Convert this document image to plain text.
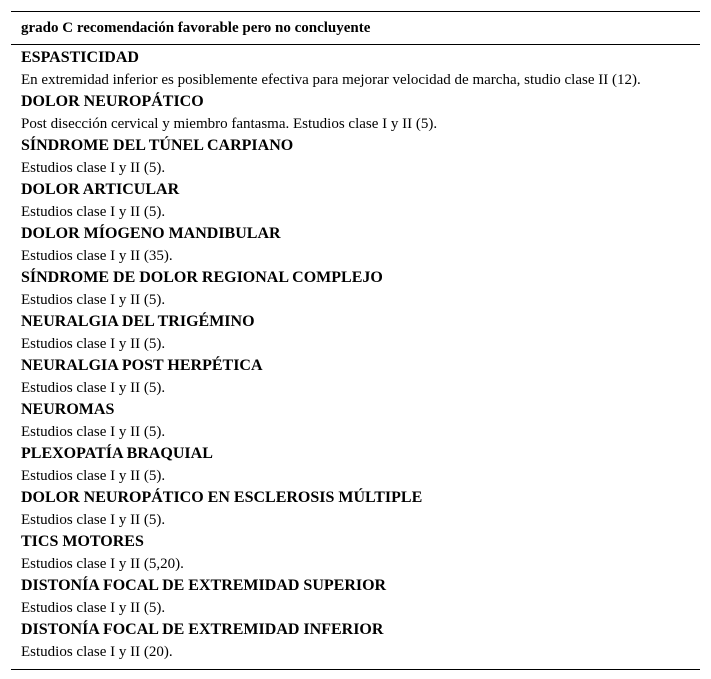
grado C recomendación favorable pero no concluyente
ESPASTICIDAD
En extremidad inferior es posiblemente efectiva para mejorar velocidad de marcha, studio clase II (12).
DOLOR NEUROPÁTICO
Post disección cervical y miembro fantasma. Estudios clase I y II (5).
SÍNDROME DEL TÚNEL CARPIANO
Estudios clase I y II (5).
DOLOR ARTICULAR
Estudios clase I y II (5).
DOLOR MÍOGENO MANDIBULAR
Estudios clase I y II (35).
SÍNDROME DE DOLOR REGIONAL COMPLEJO
Estudios clase I y II (5).
NEURALGIA DEL TRIGÉMINO
Estudios clase I y II (5).
NEURALGIA POST HERPÉTICA
Estudios clase I y II (5).
NEUROMAS
Estudios clase I y II (5).
PLEXOPATÍA BRAQUIAL
Estudios clase I y II (5).
DOLOR NEUROPÁTICO EN ESCLEROSIS MÚLTIPLE
Estudios clase I y II (5).
TICS MOTORES
Estudios clase I y II (5,20).
DISTONÍA FOCAL DE EXTREMIDAD SUPERIOR
Estudios clase I y II (5).
DISTONÍA FOCAL DE EXTREMIDAD INFERIOR
Estudios clase I y II (20).
